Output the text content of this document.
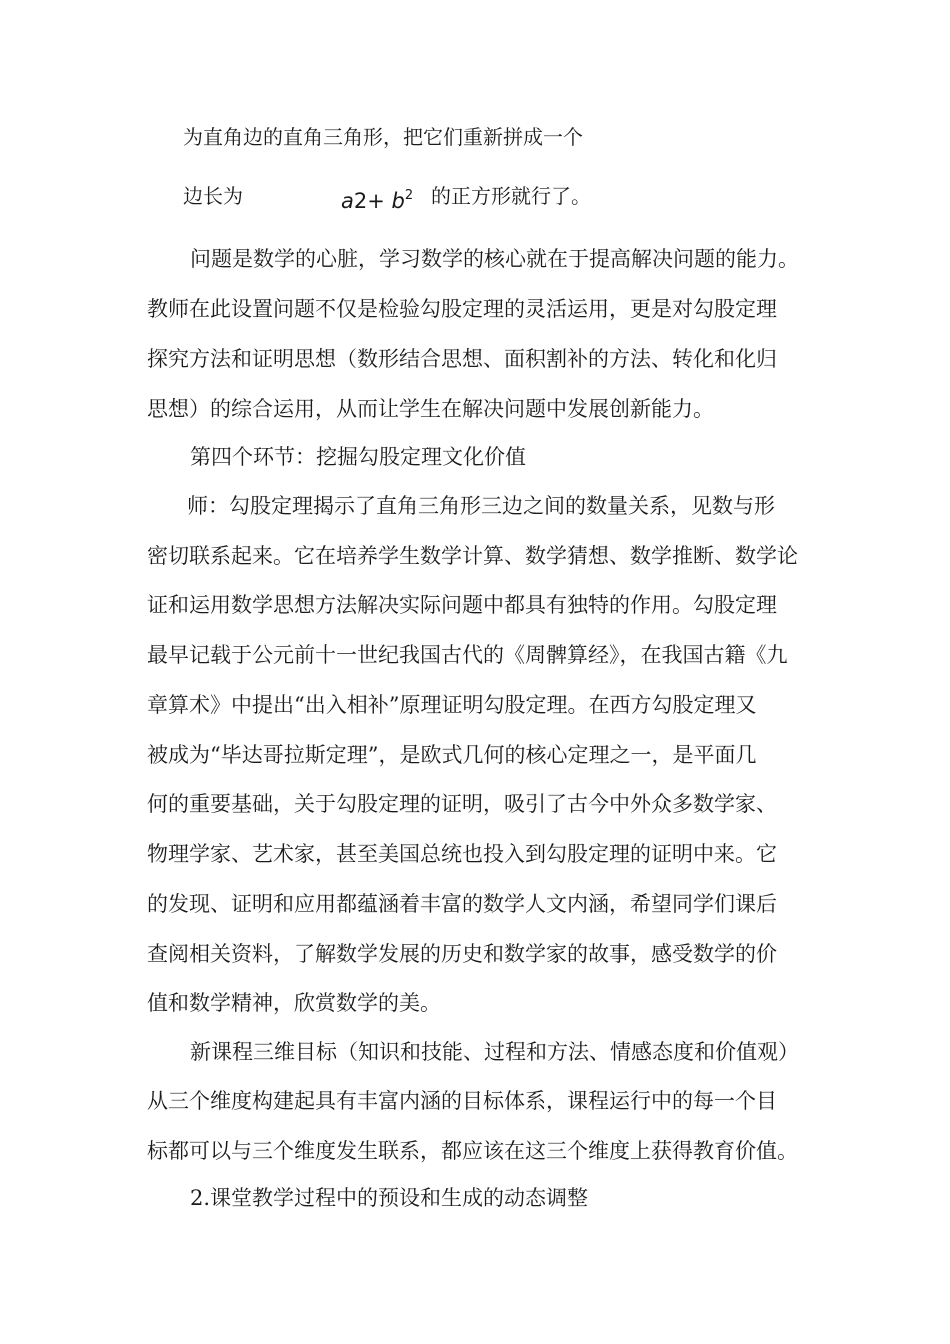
为直角边的直角三角形，把它们重新拼成一个
边长为	$a2+ b^2$ 的正方形就行了。
问题是数学的心脏，学习数学的核心就在于提高解决问题的能力。
教师在此设置问题不仅是检验勾股定理的灵活运用，更是对勾股定理
探究方法和证明思想（数形结合思想、面积割补的方法、转化和化归
思想）的综合运用，从而让学生在解决问题中发展创新能力。
第四个环节：挖掘勾股定理文化价值
师：勾股定理揭示了直角三角形三边之间的数量关系，见数与形
密切联系起来。它在培养学生数学计算、数学猜想、数学推断、数学论
证和运用数学思想方法解决实际问题中都具有独特的作用。勾股定理
最早记载于公元前十一世纪我国古代的《周髀算经》，在我国古籍《九
章算术》中提出“出入相补”原理证明勾股定理。在西方勾股定理又
被成为“毕达哥拉斯定理”，是欧式几何的核心定理之一，是平面几
何的重要基础，关于勾股定理的证明，吸引了古今中外众多数学家、
物理学家、艺术家，甚至美国总统也投入到勾股定理的证明中来。它
的发现、证明和应用都蕴涵着丰富的数学人文内涵，希望同学们课后
查阅相关资料，了解数学发展的历史和数学家的故事，感受数学的价
值和数学精神，欣赏数学的美。
新课程三维目标（知识和技能、过程和方法、情感态度和价值观）
从三个维度构建起具有丰富内涵的目标体系，课程运行中的每一个目
标都可以与三个维度发生联系，都应该在这三个维度上获得教育价值。
2.课堂教学过程中的预设和生成的动态调整
